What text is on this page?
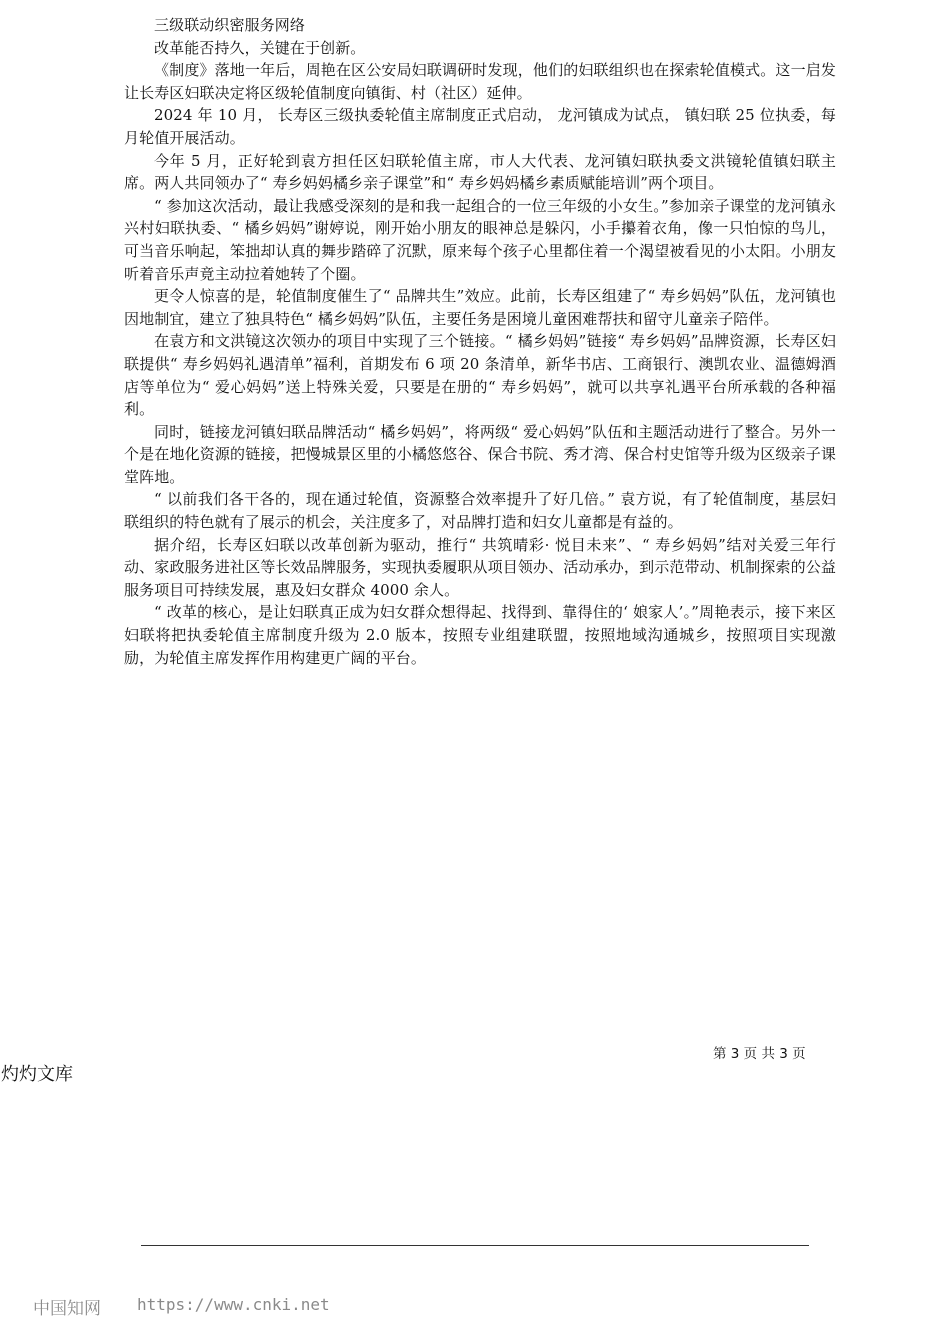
三级联动织密服务网络

改革能否持久，关键在于创新。

《制度》落地一年后，周艳在区公安局妇联调研时发现，他们的妇联组织也在探索轮值模式。这一启发让长寿区妇联决定将区级轮值制度向镇街、村（社区）延伸。

2024 年 10 月， 长寿区三级执委轮值主席制度正式启动， 龙河镇成为试点， 镇妇联 25 位执委，每月轮值开展活动。

今年 5 月，正好轮到袁方担任区妇联轮值主席，市人大代表、龙河镇妇联执委文洪镜轮值镇妇联主席。两人共同领办了“ 寿乡妈妈橘乡亲子课堂”和“ 寿乡妈妈橘乡素质赋能培训”两个项目。

“ 参加这次活动，最让我感受深刻的是和我一起组合的一位三年级的小女生。”参加亲子课堂的龙河镇永兴村妇联执委、“ 橘乡妈妈”谢婷说，刚开始小朋友的眼神总是躲闪，小手攥着衣角，像一只怕惊的鸟儿，可当音乐响起，笨拙却认真的舞步踏碎了沉默，原来每个孩子心里都住着一个渴望被看见的小太阳。小朋友听着音乐声竟主动拉着她转了个圈。

更令人惊喜的是，轮值制度催生了“ 品牌共生”效应。此前，长寿区组建了“ 寿乡妈妈”队伍，龙河镇也因地制宜，建立了独具特色“ 橘乡妈妈”队伍，主要任务是困境儿童困难帮扶和留守儿童亲子陪伴。

在袁方和文洪镜这次领办的项目中实现了三个链接。“ 橘乡妈妈”链接“ 寿乡妈妈”品牌资源，长寿区妇联提供“ 寿乡妈妈礼遇清单”福利，首期发布 6 项 20 条清单，新华书店、工商银行、澳凯农业、温德姆酒店等单位为“ 爱心妈妈”送上特殊关爱，只要是在册的“ 寿乡妈妈”，就可以共享礼遇平台所承载的各种福利。

同时，链接龙河镇妇联品牌活动“ 橘乡妈妈”，将两级“ 爱心妈妈”队伍和主题活动进行了整合。另外一个是在地化资源的链接，把慢城景区里的小橘悠悠谷、保合书院、秀才湾、保合村史馆等升级为区级亲子课堂阵地。

“ 以前我们各干各的，现在通过轮值，资源整合效率提升了好几倍。” 袁方说，有了轮值制度，基层妇联组织的特色就有了展示的机会，关注度多了，对品牌打造和妇女儿童都是有益的。

据介绍，长寿区妇联以改革创新为驱动，推行“ 共筑晴彩· 悦目未来”、“ 寿乡妈妈”结对关爱三年行动、家政服务进社区等长效品牌服务，实现执委履职从项目领办、活动承办，到示范带动、机制探索的公益服务项目可持续发展，惠及妇女群众 4000 余人。

“ 改革的核心，是让妇联真正成为妇女群众想得起、找得到、靠得住的‘ 娘家人’。”周艳表示，接下来区妇联将把执委轮值主席制度升级为 2.0 版本，按照专业组建联盟，按照地域沟通城乡，按照项目实现激励，为轮值主席发挥作用构建更广阔的平台。

第 3 页 共 3 页
灼灼文库
中国知网 https://www.cnki.net
